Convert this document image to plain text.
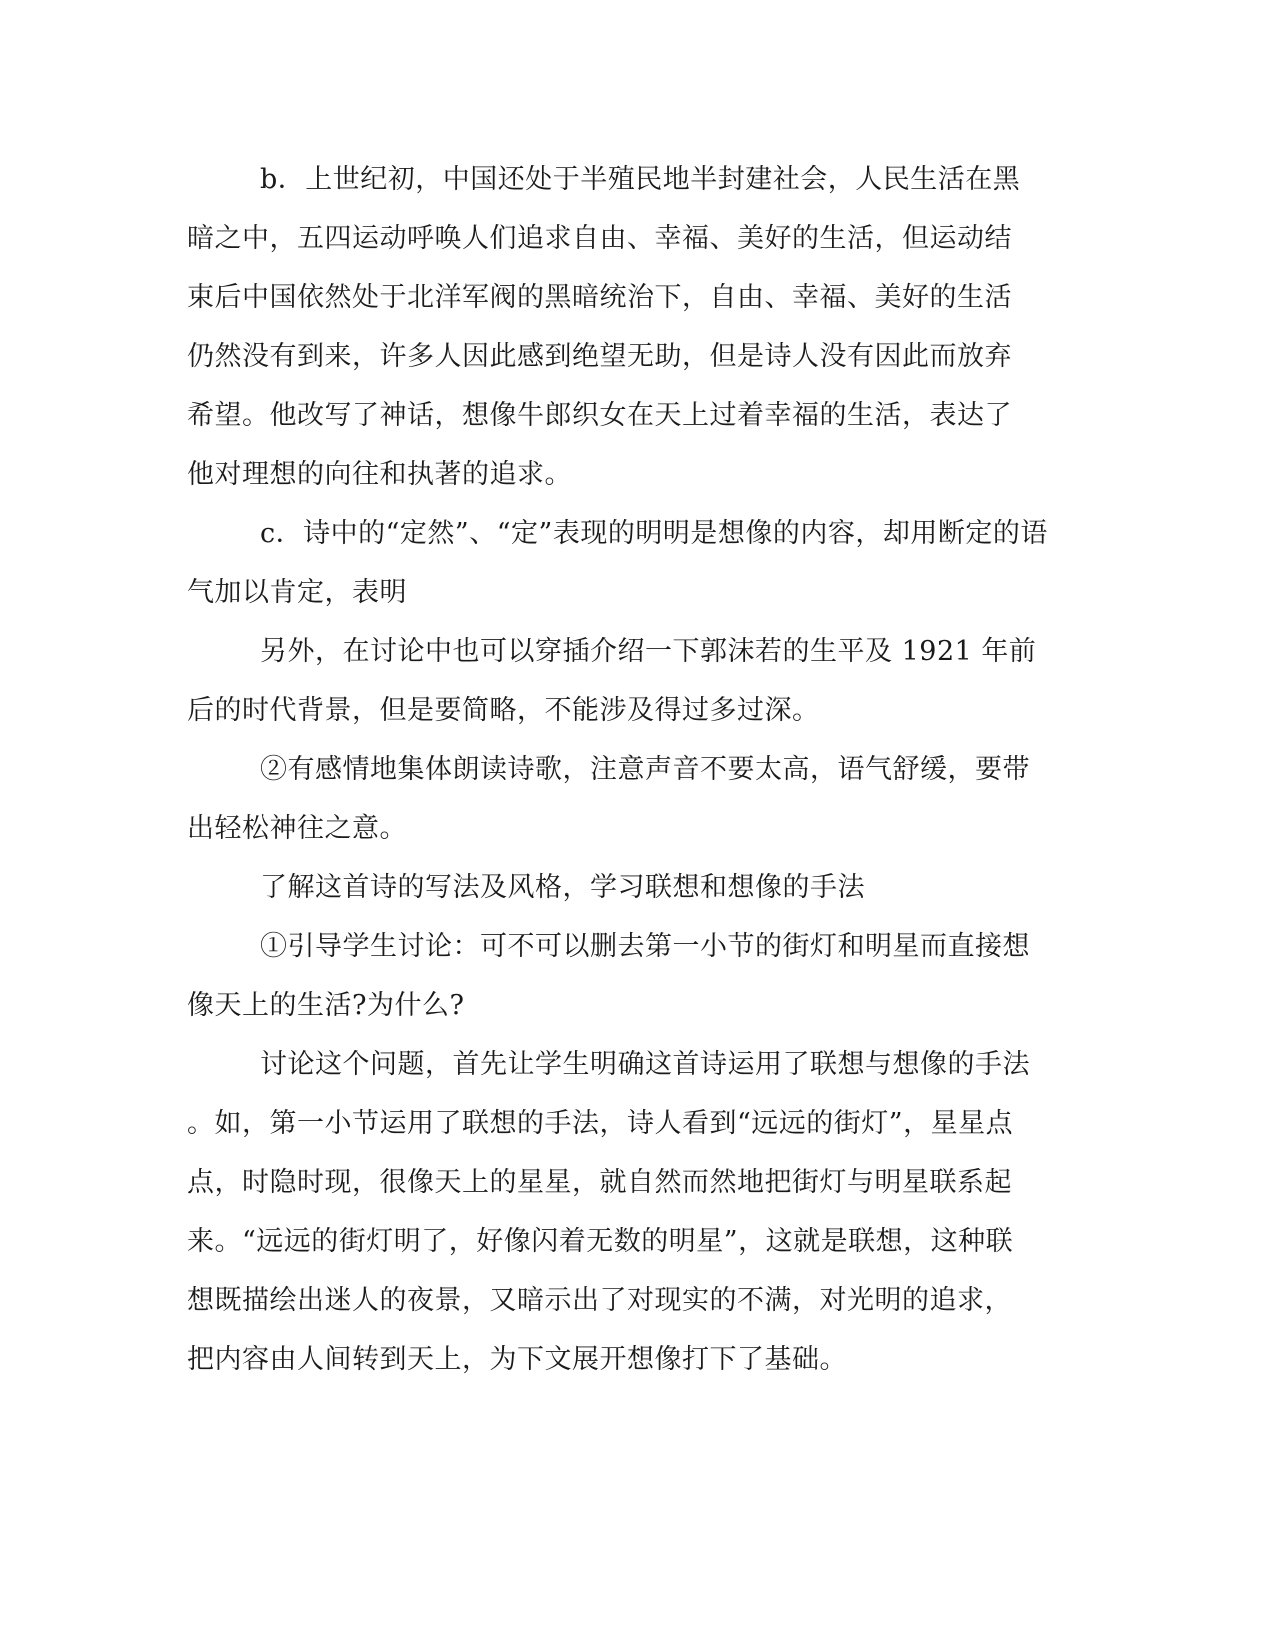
b．上世纪初，中国还处于半殖民地半封建社会，人民生活在黑
暗之中，五四运动呼唤人们追求自由、幸福、美好的生活，但运动结
束后中国依然处于北洋军阀的黑暗统治下，自由、幸福、美好的生活
仍然没有到来，许多人因此感到绝望无助，但是诗人没有因此而放弃
希望。他改写了神话，想像牛郎织女在天上过着幸福的生活，表达了
他对理想的向往和执著的追求。
c．诗中的“定然”、“定”表现的明明是想像的内容，却用断定的语
气加以肯定，表明
另外，在讨论中也可以穿插介绍一下郭沫若的生平及 1921 年前
后的时代背景，但是要简略，不能涉及得过多过深。
②有感情地集体朗读诗歌，注意声音不要太高，语气舒缓，要带
出轻松神往之意。
了解这首诗的写法及风格，学习联想和想像的手法
①引导学生讨论：可不可以删去第一小节的街灯和明星而直接想
像天上的生活?为什么?
讨论这个问题，首先让学生明确这首诗运用了联想与想像的手法
。如，第一小节运用了联想的手法，诗人看到“远远的街灯”，星星点
点，时隐时现，很像天上的星星，就自然而然地把街灯与明星联系起
来。“远远的街灯明了，好像闪着无数的明星”，这就是联想，这种联
想既描绘出迷人的夜景，又暗示出了对现实的不满，对光明的追求，
把内容由人间转到天上，为下文展开想像打下了基础。
